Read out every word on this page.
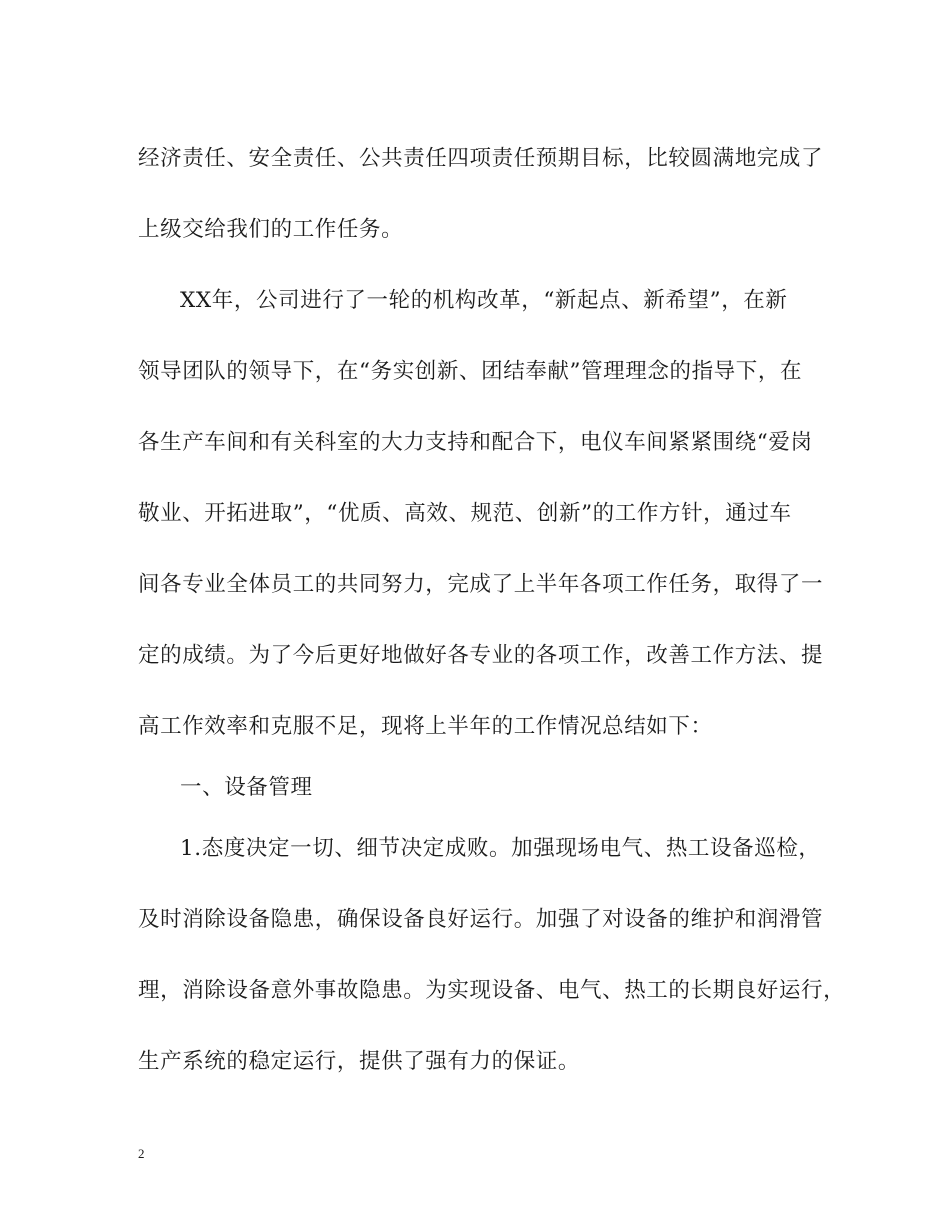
经济责任、安全责任、公共责任四项责任预期目标，比较圆满地完成了
上级交给我们的工作任务。
XX年，公司进行了一轮的机构改革，“新起点、新希望”，在新
领导团队的领导下，在“务实创新、团结奉献”管理理念的指导下，在
各生产车间和有关科室的大力支持和配合下，电仪车间紧紧围绕“爱岗
敬业、开拓进取”，“优质、高效、规范、创新”的工作方针，通过车
间各专业全体员工的共同努力，完成了上半年各项工作任务，取得了一
定的成绩。为了今后更好地做好各专业的各项工作，改善工作方法、提
高工作效率和克服不足，现将上半年的工作情况总结如下：
一、设备管理
1.态度决定一切、细节决定成败。加强现场电气、热工设备巡检，
及时消除设备隐患，确保设备良好运行。加强了对设备的维护和润滑管
理，消除设备意外事故隐患。为实现设备、电气、热工的长期良好运行，
生产系统的稳定运行，提供了强有力的保证。
2
